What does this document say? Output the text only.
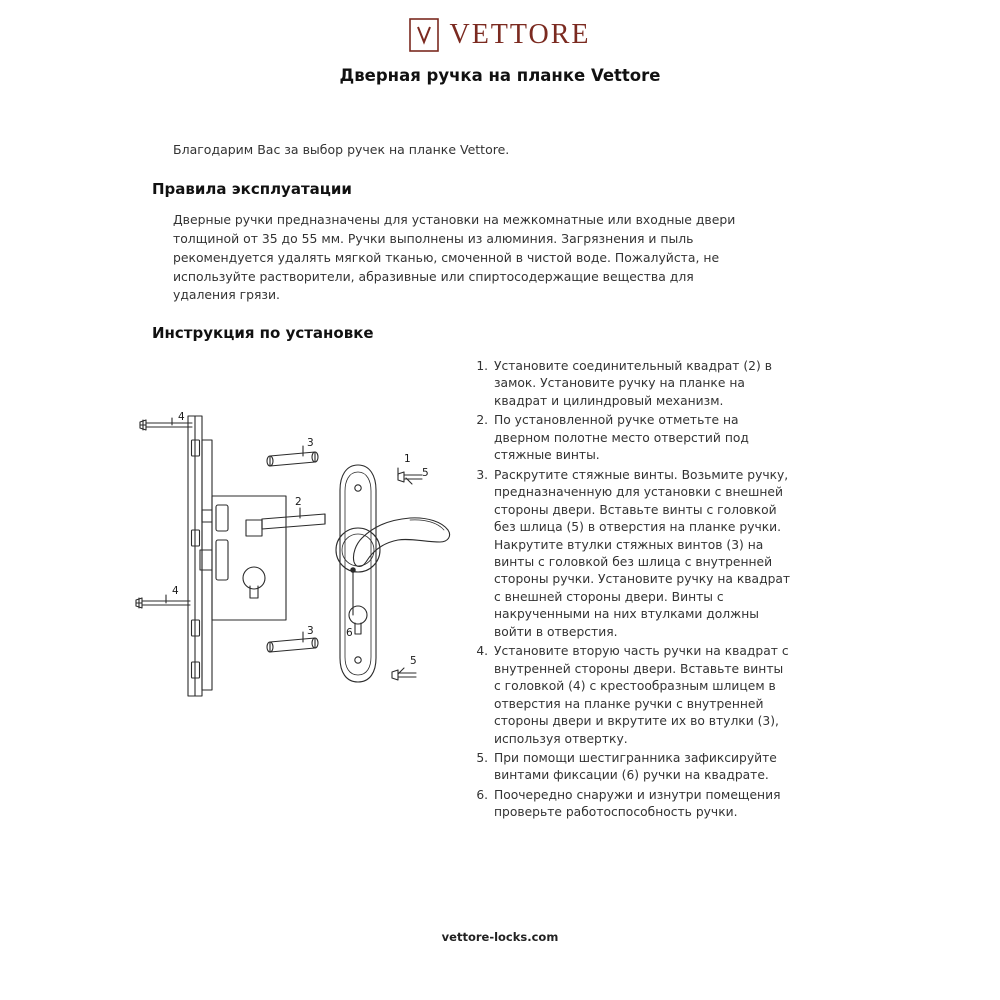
VETTORE
Дверная ручка на планке Vettore
Благодарим Вас за выбор ручек на планке Vettore.
Правила эксплуатации

Дверные ручки предназначены для установки на межкомнатные или входные двери толщиной от 35 до 55 мм. Ручки выполнены из алюминия. Загрязнения и пыль рекомендуется удалять мягкой тканью, смоченной в чистой воде. Пожалуйста, не используйте растворители, абразивные или спиртосодержащие вещества для удаления грязи.

Инструкция по установке
1. Установите соединительный квадрат (2) в замок. Установите ручку на планке на квадрат и цилиндровый механизм.
2. По установленной ручке отметьте на дверном полотне место отверстий под стяжные винты.
3. Раскрутите стяжные винты. Возьмите ручку, предназначенную для установки с внешней стороны двери. Вставьте винты с головкой без шлица (5) в отверстия на планке ручки. Накрутите втулки стяжных винтов (3) на винты с головкой без шлица с внутренней стороны ручки. Установите ручку на квадрат с внешней стороны двери. Винты с накрученными на них втулками должны войти в отверстия.
4. Установите вторую часть ручки на квадрат с внутренней стороны двери. Вставьте винты с головкой (4) с крестообразным шлицем в отверстия на планке ручки с внутренней стороны двери и вкрутите их во втулки (3), используя отвертку.
5. При помощи шестигранника зафиксируйте винтами фиксации (6) ручки на квадрате.
6. Поочередно снаружи и изнутри помещения проверьте работоспособность ручки.
4
3
1
5
2
4
3	6
5
vettore-locks.com
